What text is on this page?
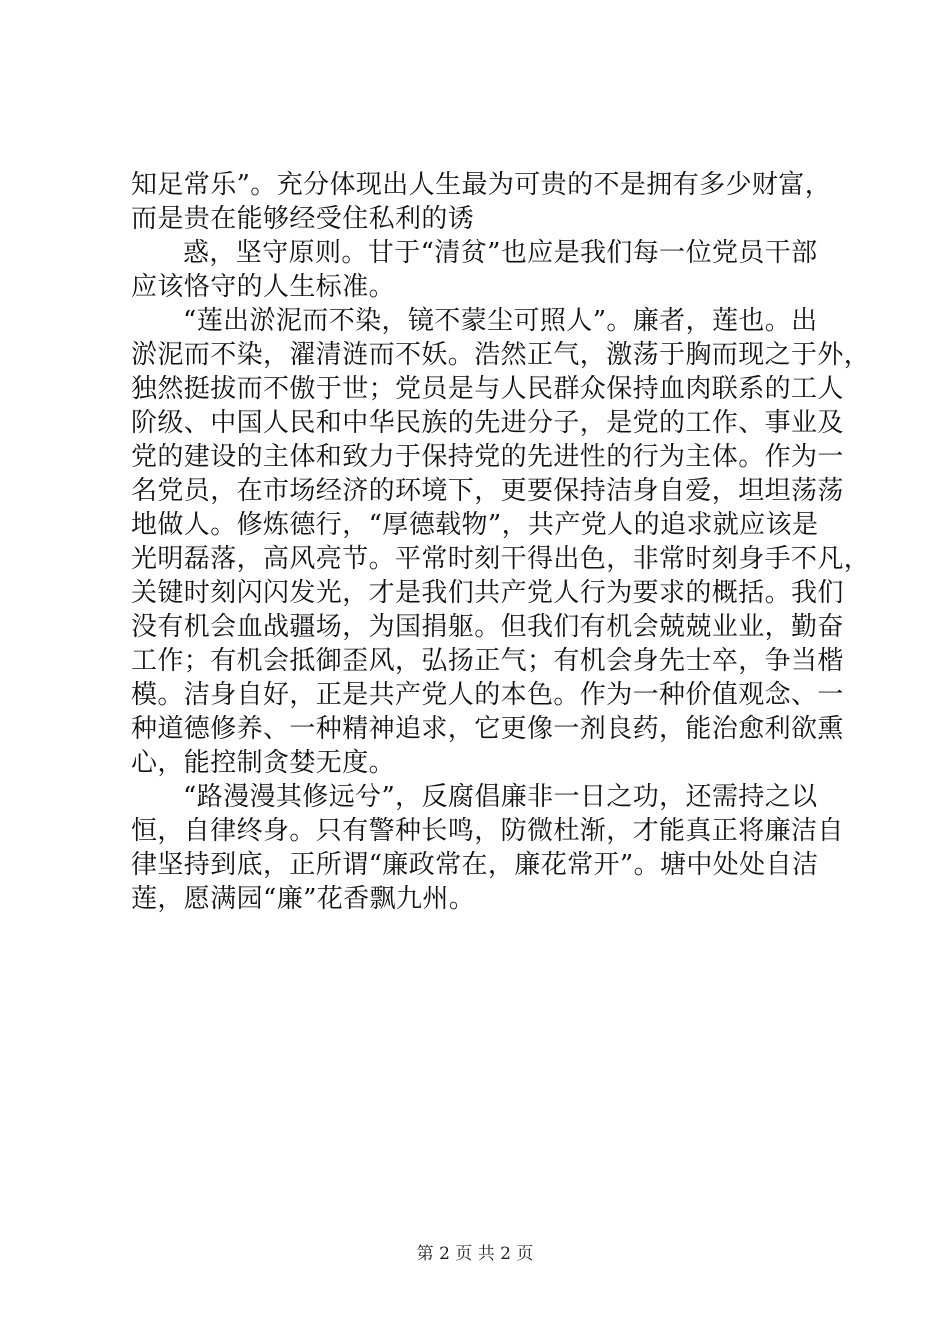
知足常乐”。充分体现出人生最为可贵的不是拥有多少财富，
而是贵在能够经受住私利的诱
惑，坚守原则。甘于“清贫”也应是我们每一位党员干部
应该恪守的人生标准。
“莲出淤泥而不染，镜不蒙尘可照人”。廉者，莲也。出
淤泥而不染，濯清涟而不妖。浩然正气，激荡于胸而现之于外，
独然挺拔而不傲于世；党员是与人民群众保持血肉联系的工人
阶级、中国人民和中华民族的先进分子，是党的工作、事业及
党的建设的主体和致力于保持党的先进性的行为主体。作为一
名党员，在市场经济的环境下，更要保持洁身自爱，坦坦荡荡
地做人。修炼德行，“厚德载物”，共产党人的追求就应该是
光明磊落，高风亮节。平常时刻干得出色，非常时刻身手不凡，
关键时刻闪闪发光，才是我们共产党人行为要求的概括。我们
没有机会血战疆场，为国捐躯。但我们有机会兢兢业业，勤奋
工作；有机会抵御歪风，弘扬正气；有机会身先士卒，争当楷
模。洁身自好，正是共产党人的本色。作为一种价值观念、一
种道德修养、一种精神追求，它更像一剂良药，能治愈利欲熏
心，能控制贪婪无度。
“路漫漫其修远兮”，反腐倡廉非一日之功，还需持之以
恒，自律终身。只有警种长鸣，防微杜渐，才能真正将廉洁自
律坚持到底，正所谓“廉政常在，廉花常开”。塘中处处自洁
莲，愿满园“廉”花香飘九州。
第 2 页 共 2 页
